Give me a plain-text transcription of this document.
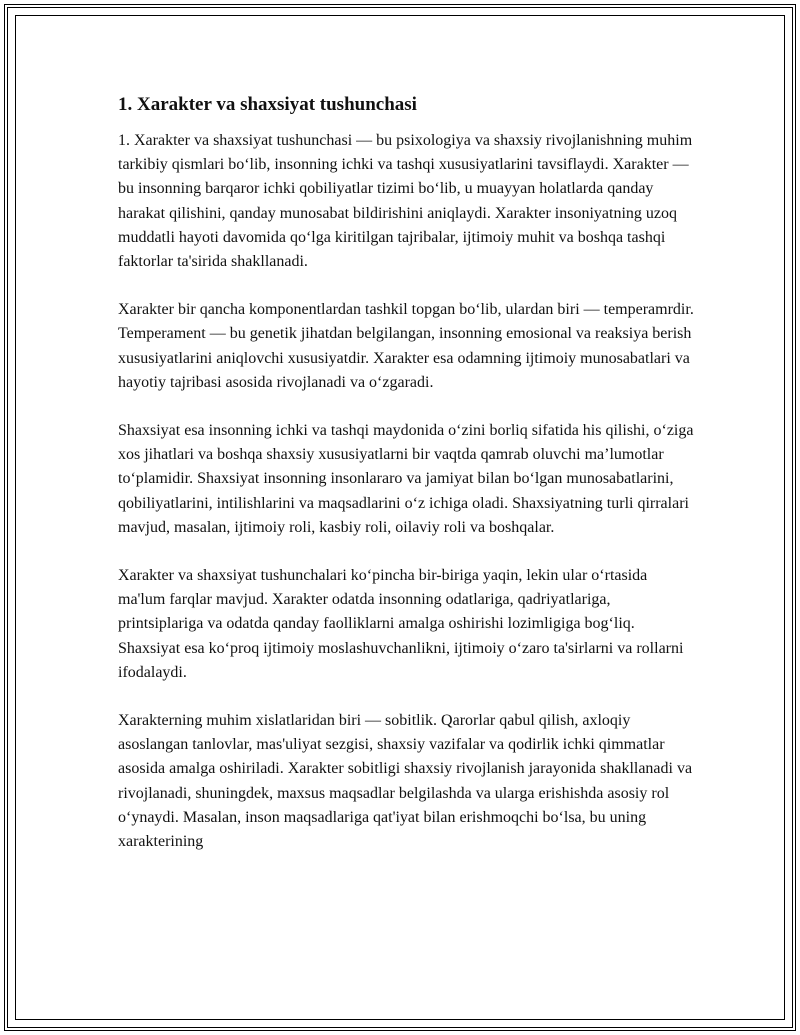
1. Xarakter va shaxsiyat tushunchasi

1. Xarakter va shaxsiyat tushunchasi — bu psixologiya va shaxsiy rivojlanishning muhim tarkibiy qismlari bo‘lib, insonning ichki va tashqi xususiyatlarini tavsiflaydi. Xarakter — bu insonning barqaror ichki qobiliyatlar tizimi bo‘lib, u muayyan holatlarda qanday harakat qilishini, qanday munosabat bildirishini aniqlaydi. Xarakter insoniyatning uzoq muddatli hayoti davomida qo‘lga kiritilgan tajribalar, ijtimoiy muhit va boshqa tashqi faktorlar ta'sirida shakllanadi.

Xarakter bir qancha komponentlardan tashkil topgan bo‘lib, ulardan biri — temperamrdir. Temperament — bu genetik jihatdan belgilangan, insonning emosional va reaksiya berish xususiyatlarini aniqlovchi xususiyatdir. Xarakter esa odamning ijtimoiy munosabatlari va hayotiy tajribasi asosida rivojlanadi va o‘zgaradi.

Shaxsiyat esa insonning ichki va tashqi maydonida o‘zini borliq sifatida his qilishi, o‘ziga xos jihatlari va boshqa shaxsiy xususiyatlarni bir vaqtda qamrab oluvchi ma’lumotlar to‘plamidir. Shaxsiyat insonning insonlararo va jamiyat bilan bo‘lgan munosabatlarini, qobiliyatlarini, intilishlarini va maqsadlarini o‘z ichiga oladi. Shaxsiyatning turli qirralari mavjud, masalan, ijtimoiy roli, kasbiy roli, oilaviy roli va boshqalar.

Xarakter va shaxsiyat tushunchalari ko‘pincha bir-biriga yaqin, lekin ular o‘rtasida ma'lum farqlar mavjud. Xarakter odatda insonning odatlariga, qadriyatlariga, printsiplariga va odatda qanday faolliklarni amalga oshirishi lozimligiga bog‘liq. Shaxsiyat esa ko‘proq ijtimoiy moslashuvchanlikni, ijtimoiy o‘zaro ta'sirlarni va rollarni ifodalaydi.

Xarakterning muhim xislatlaridan biri — sobitlik. Qarorlar qabul qilish, axloqiy asoslangan tanlovlar, mas'uliyat sezgisi, shaxsiy vazifalar va qodirlik ichki qimmatlar asosida amalga oshiriladi. Xarakter sobitligi shaxsiy rivojlanish jarayonida shakllanadi va rivojlanadi, shuningdek, maxsus maqsadlar belgilashda va ularga erishishda asosiy rol o‘ynaydi. Masalan, inson maqsadlariga qat'iyat bilan erishmoqchi bo‘lsa, bu uning xarakterining
